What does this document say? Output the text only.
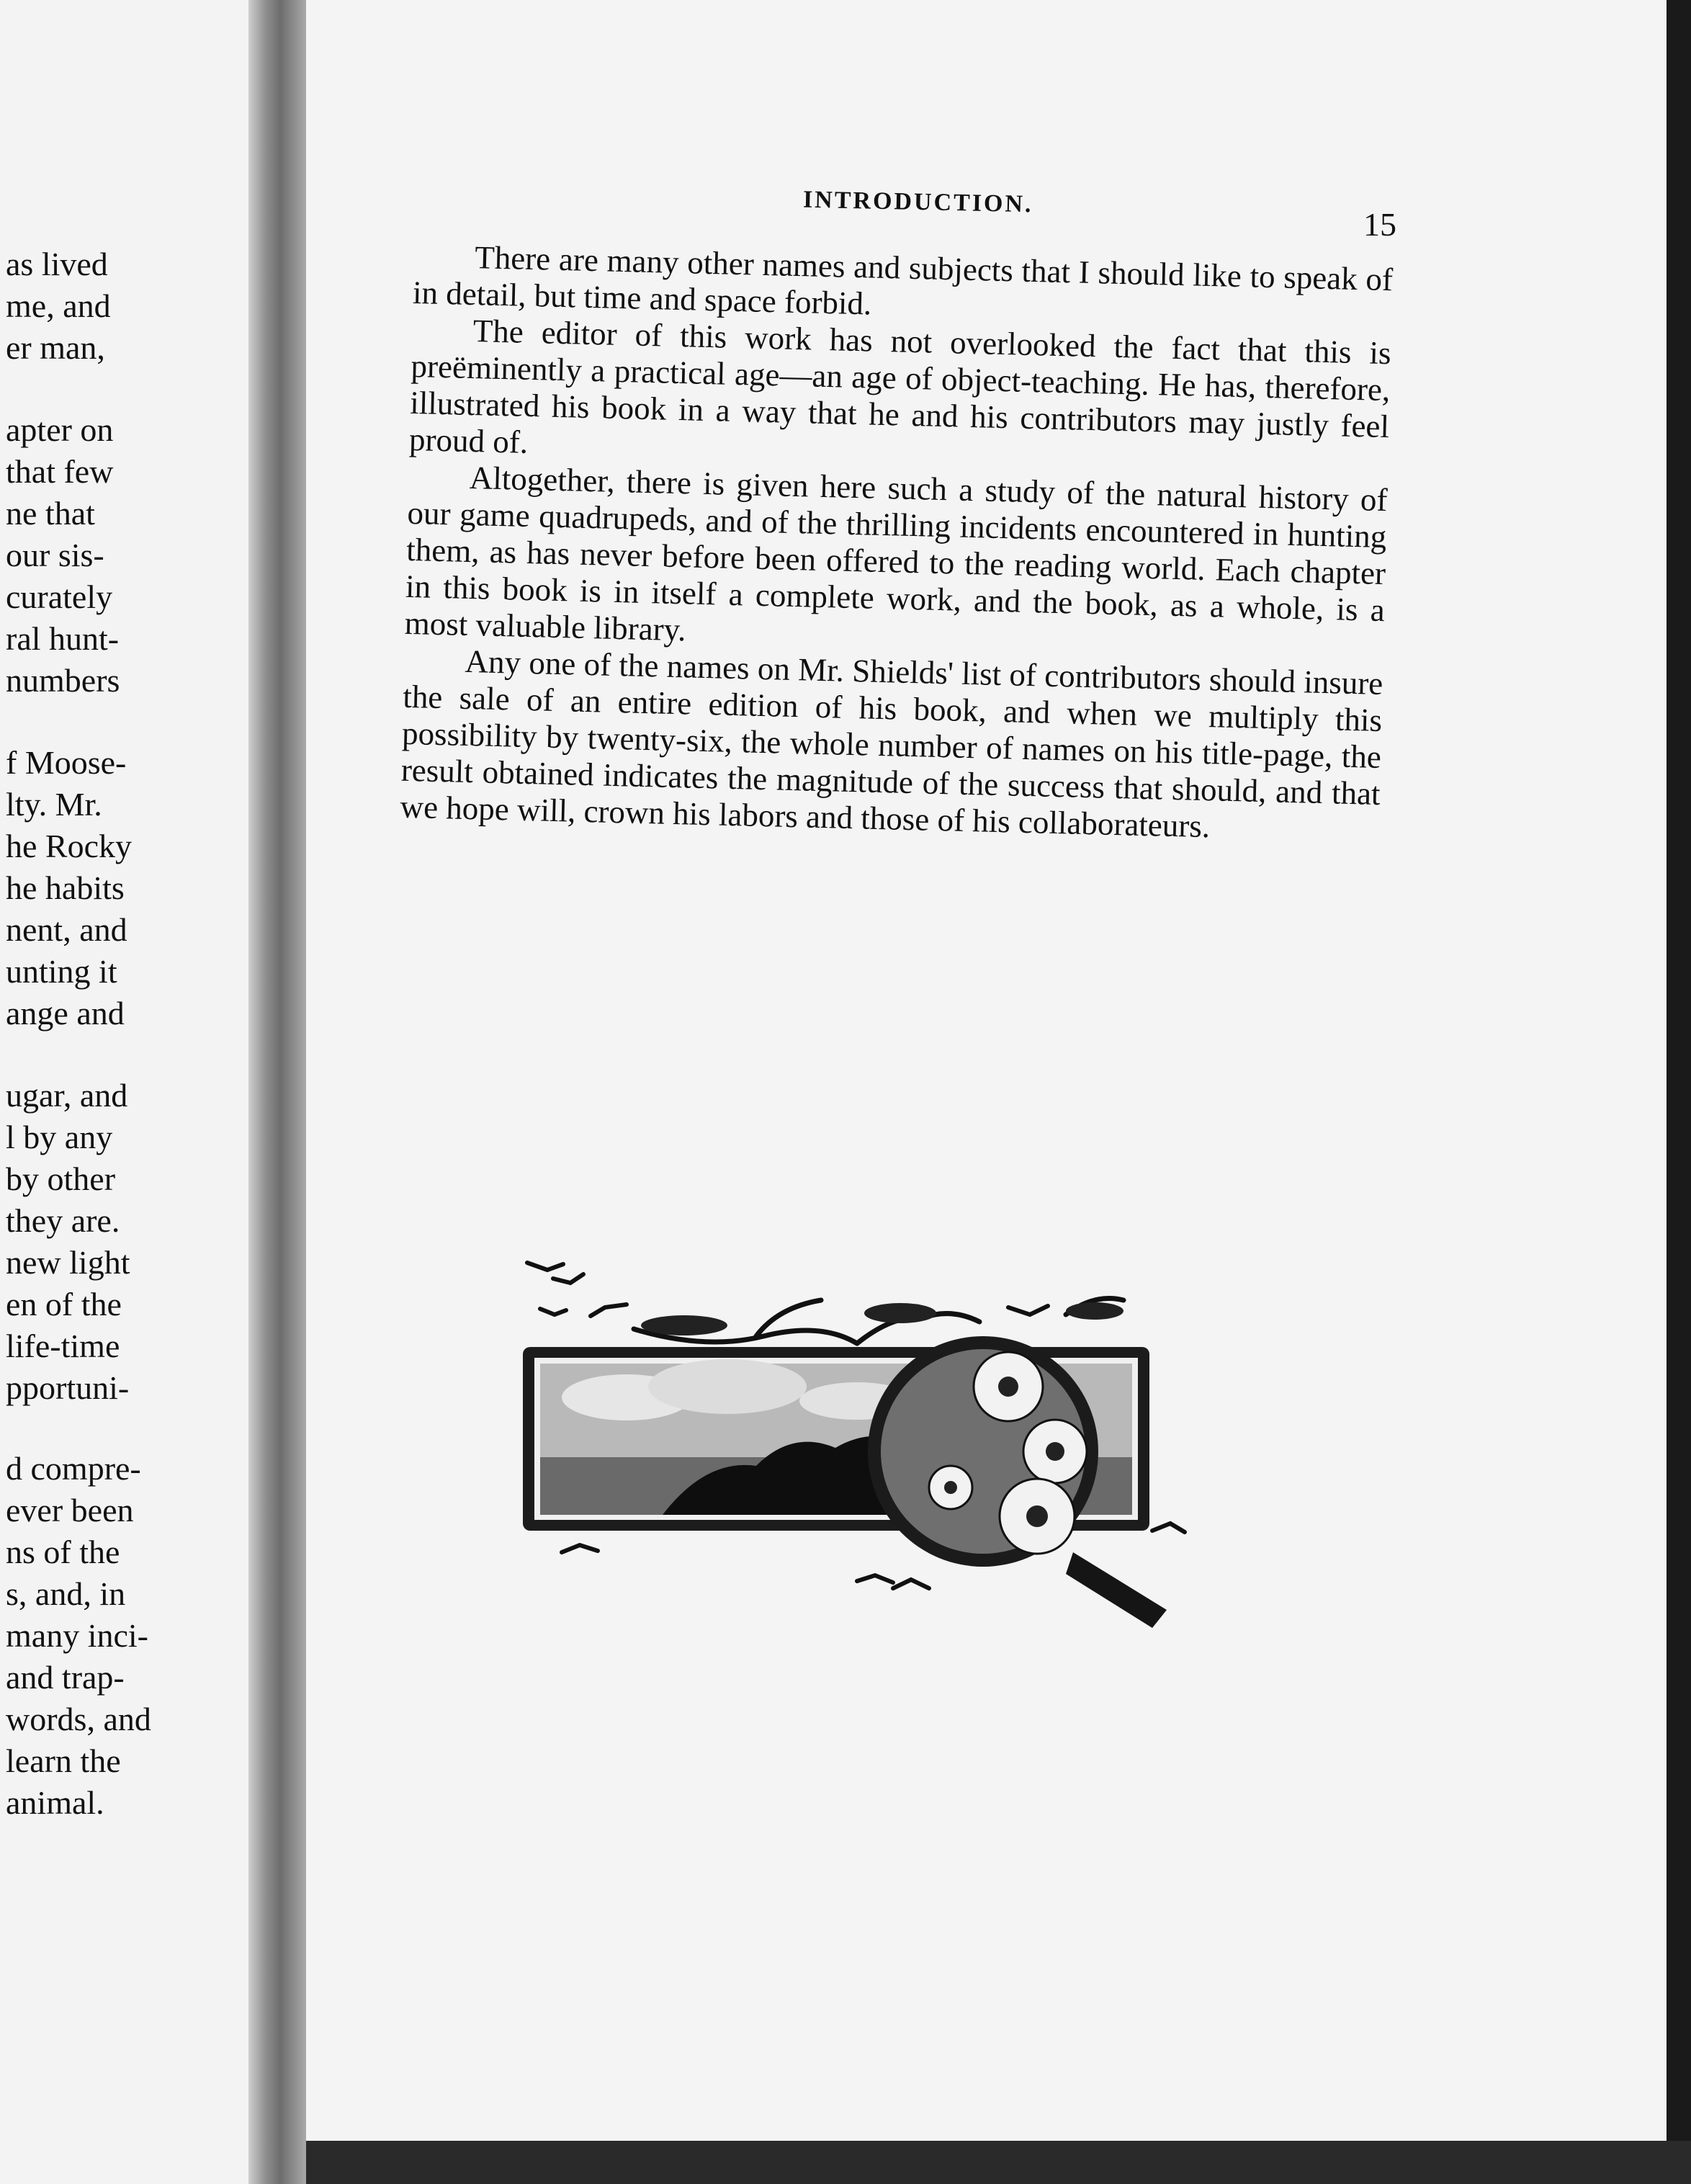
as lived
me, and
er man,
apter on
that few
ne that
our sis-
curately
ral hunt-
numbers
f Moose-
lty. Mr.
he Rocky
he habits
nent, and
unting it
ange and
ugar, and
l by any
by other
they are.
new light
en of the
life-time
pportuni-
d compre-
ever been
ns of the
s, and, in
many inci-
and trap-
words, and
learn the
animal.
INTRODUCTION.
15

There are many other names and subjects that I should like to speak of in detail, but time and space forbid.

The editor of this work has not overlooked the fact that this is preëminently a practical age—an age of object-teaching. He has, therefore, illustrated his book in a way that he and his contributors may justly feel proud of.

Altogether, there is given here such a study of the natural history of our game quadrupeds, and of the thrilling incidents encountered in hunting them, as has never before been offered to the reading world. Each chapter in this book is in itself a complete work, and the book, as a whole, is a most valuable library.

Any one of the names on Mr. Shields' list of contributors should insure the sale of an entire edition of his book, and when we multiply this possibility by twenty-six, the whole number of names on his title-page, the result obtained indicates the magnitude of the success that should, and that we hope will, crown his labors and those of his collaborateurs.
